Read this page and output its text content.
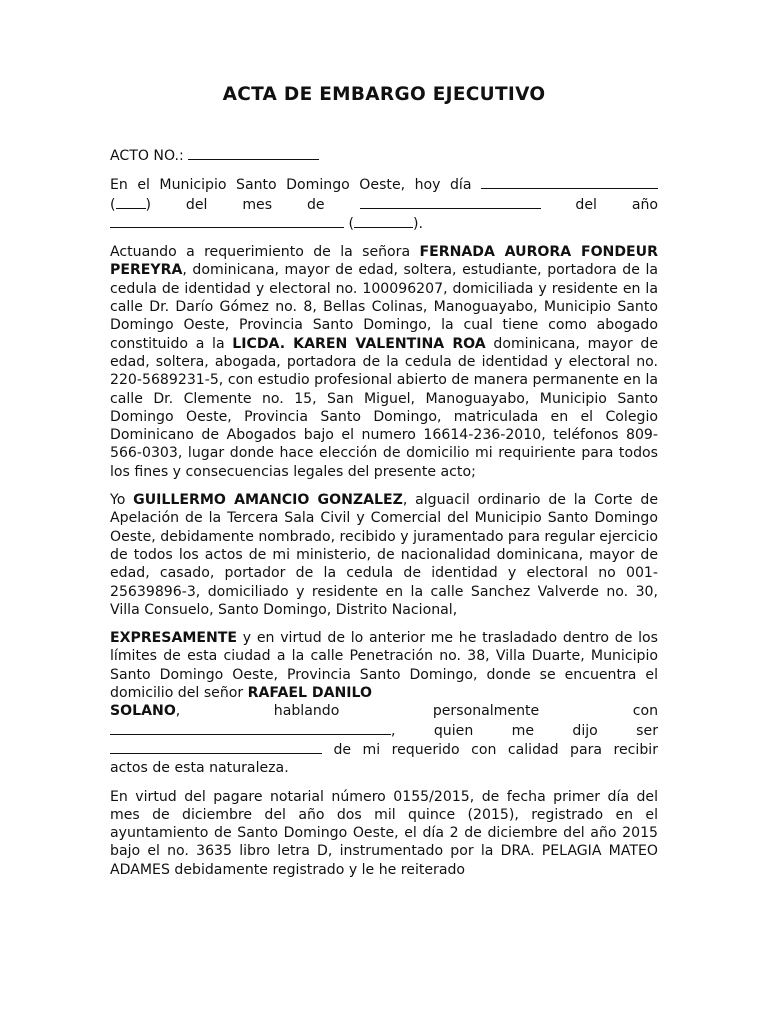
ACTA DE EMBARGO EJECUTIVO
ACTO NO.:
En el Municipio Santo Domingo Oeste, hoy día
( ) del mes de	del año
(	).
Actuando a requerimiento de la señora FERNADA AURORA FONDEUR PEREYRA, dominicana, mayor de edad, soltera, estudiante, portadora de la cedula de identidad y electoral no. 100096207, domiciliada y residente en la calle Dr. Darío Gómez no. 8, Bellas Colinas, Manoguayabo, Municipio Santo Domingo Oeste, Provincia Santo Domingo, la cual tiene como abogado constituido a la LICDA. KAREN VALENTINA ROA dominicana, mayor de edad, soltera, abogada, portadora de la cedula de identidad y electoral no. 220-5689231-5, con estudio profesional abierto de manera permanente en la calle Dr. Clemente no. 15, San Miguel, Manoguayabo, Municipio Santo Domingo Oeste, Provincia Santo Domingo, matriculada en el Colegio Dominicano de Abogados bajo el numero 16614-236-2010, teléfonos 809-566-0303, lugar donde hace elección de domicilio mi requiriente para todos los fines y consecuencias legales del presente acto;
Yo GUILLERMO AMANCIO GONZALEZ, alguacil ordinario de la Corte de Apelación de la Tercera Sala Civil y Comercial del Municipio Santo Domingo Oeste, debidamente nombrado, recibido y juramentado para regular ejercicio de todos los actos de mi ministerio, de nacionalidad dominicana, mayor de edad, casado, portador de la cedula de identidad y electoral no 001-25639896-3, domiciliado y residente en la calle Sanchez Valverde no. 30, Villa Consuelo, Santo Domingo, Distrito Nacional,
EXPRESAMENTE y en virtud de lo anterior me he trasladado dentro de los límites de esta ciudad a la calle Penetración no. 38, Villa Duarte, Municipio Santo Domingo Oeste, Provincia Santo Domingo, donde se encuentra el domicilio del señor RAFAEL DANILO
SOLANO, hablando personalmente con
,	quien me dijo ser
de mi requerido con calidad para recibir
actos de esta naturaleza.
En virtud del pagare notarial número 0155/2015, de fecha primer día del mes de diciembre del año dos mil quince (2015), registrado en el ayuntamiento de Santo Domingo Oeste, el día 2 de diciembre del año 2015 bajo el no. 3635 libro letra D, instrumentado por la DRA. PELAGIA MATEO ADAMES debidamente registrado y le he reiterado
